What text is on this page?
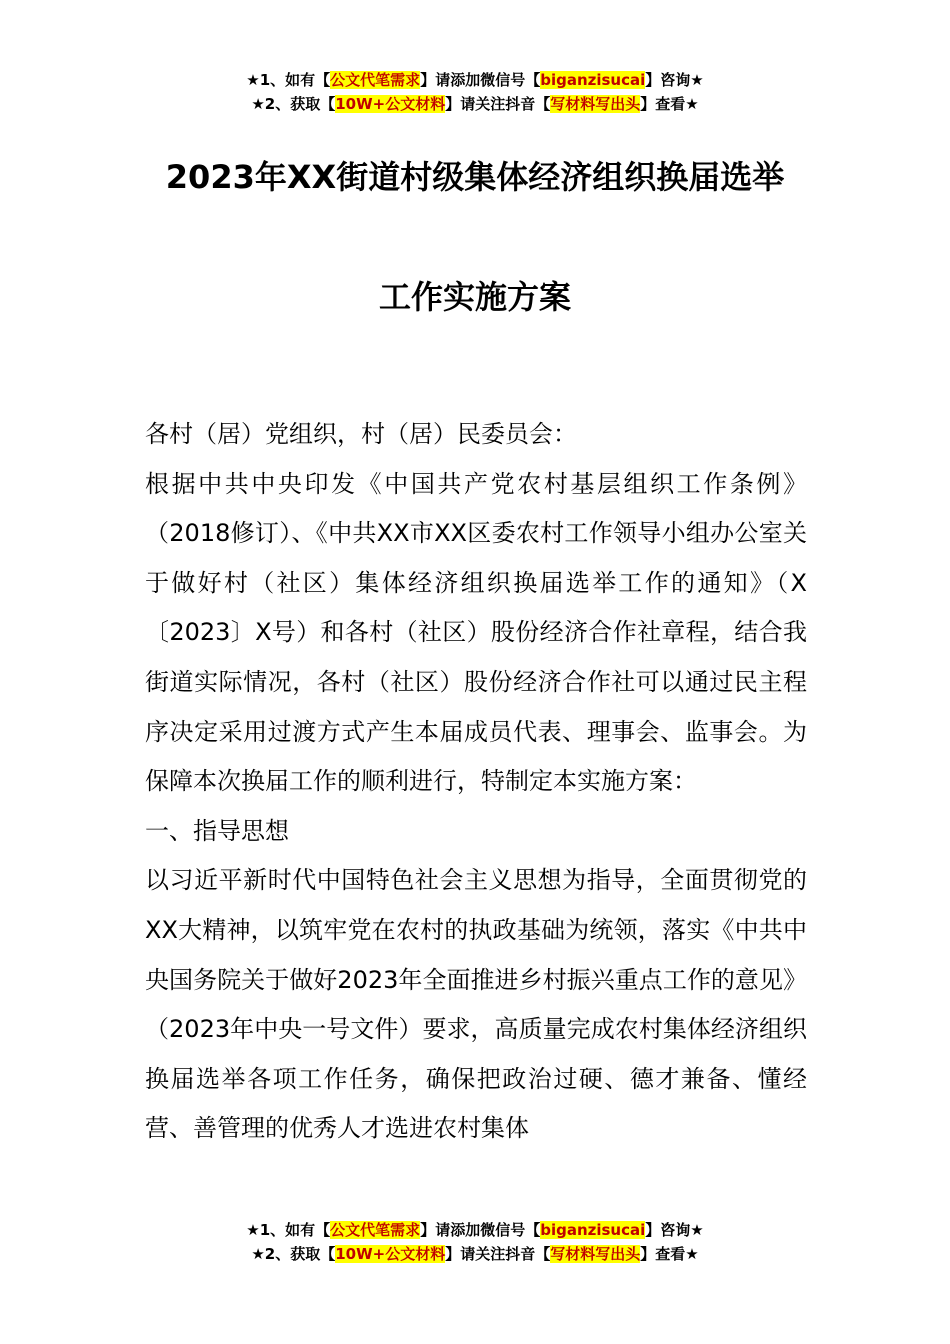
★1、如有【公文代笔需求】请添加微信号【biganzisucai】咨询★
★2、获取【10W+公文材料】请关注抖音【写材料写出头】查看★
2023年XX街道村级集体经济组织换届选举
工作实施方案

各村（居）党组织，村（居）民委员会：

根据中共中央印发《中国共产党农村基层组织工作条例》（2018修订）、《中共XX市XX区委农村工作领导小组办公室关于做好村（社区）集体经济组织换届选举工作的通知》（X〔2023〕X号）和各村（社区）股份经济合作社章程，结合我街道实际情况，各村（社区）股份经济合作社可以通过民主程序决定采用过渡方式产生本届成员代表、理事会、监事会。为保障本次换届工作的顺利进行，特制定本实施方案：

一、指导思想

以习近平新时代中国特色社会主义思想为指导，全面贯彻党的XX大精神，以筑牢党在农村的执政基础为统领，落实《中共中央国务院关于做好2023年全面推进乡村振兴重点工作的意见》（2023年中央一号文件）要求，高质量完成农村集体经济组织换届选举各项工作任务，确保把政治过硬、德才兼备、懂经营、善管理的优秀人才选进农村集体

★1、如有【公文代笔需求】请添加微信号【biganzisucai】咨询★
★2、获取【10W+公文材料】请关注抖音【写材料写出头】查看★
